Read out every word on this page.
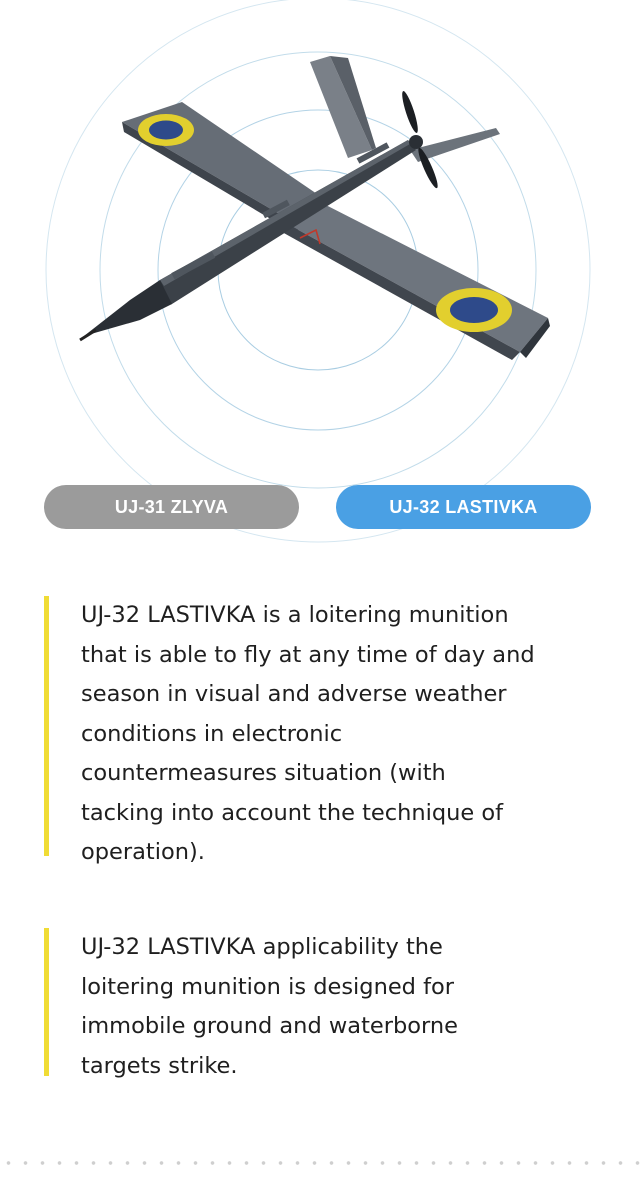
UJ-31 ZLYVA	UJ-32 LASTIVKA
UJ-32 LASTIVKA is a loitering munition
that is able to fly at any time of day and
season in visual and adverse weather
conditions in electronic
countermeasures situation (with
tacking into account the technique of
operation).
UJ-32 LASTIVKA applicability the
loitering munition is designed for
immobile ground and waterborne
targets strike.
